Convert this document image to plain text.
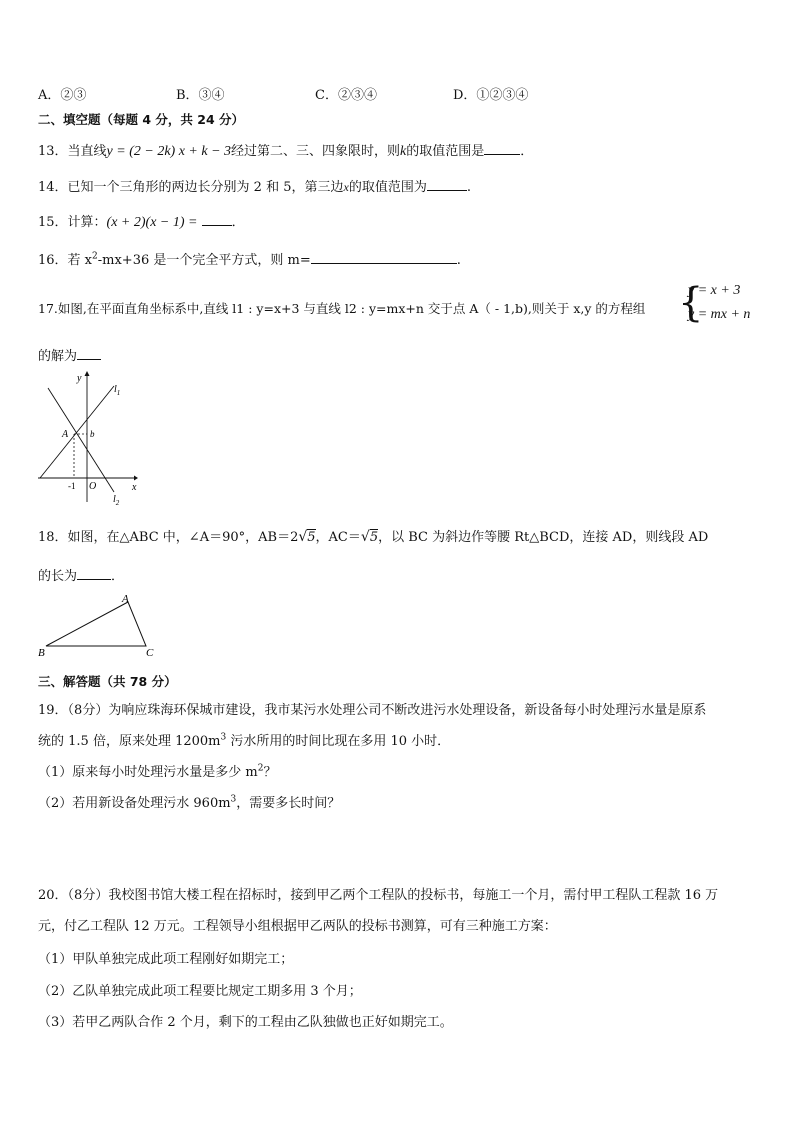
A．②③	B．③④	C．②③④	D．①②③④
二、填空题（每题 4 分，共 24 分）
13．当直线y = (2 − 2k) x + k − 3经过第二、三、四象限时，则k的取值范围是	．
14．已知一个三角形的两边长分别为 2 和 5，第三边x的取值范围为	.
15．计算：(x + 2)(x − 1) =	．
16．若 $x^2-mx+36$ 是一个完全平方式，则 m=	.
17.如图,在平面直角坐标系中,直线 l1 : y=x+3 与直线 l2 : y=mx+n 交于点 A（ - 1,b),则关于 x,y 的方程组 {
y = x + 3
y = mx + n
的解为
y
x
$l_1$
$l_2$
A b
-1 O
18．如图，在△ABC 中，∠A＝90°，AB＝2√5，AC＝√5，以 BC 为斜边作等腰 Rt△BCD，连接 AD，则线段 AD
的长为	．
A
B	C
三、解答题（共 78 分）
19．（8分）为响应珠海环保城市建设，我市某污水处理公司不断改进污水处理设备，新设备每小时处理污水量是原系
统的 1.5 倍，原来处理 $1200m^3$ 污水所用的时间比现在多用 10 小时．
（1）原来每小时处理污水量是多少 $m^2$？
（2）若用新设备处理污水 $960m^3$，需要多长时间？
20．（8分）我校图书馆大楼工程在招标时，接到甲乙两个工程队的投标书，每施工一个月，需付甲工程队工程款 16 万
元，付乙工程队 12 万元。工程领导小组根据甲乙两队的投标书测算，可有三种施工方案：
（1）甲队单独完成此项工程刚好如期完工；
（2）乙队单独完成此项工程要比规定工期多用 3 个月；
（3）若甲乙两队合作 2 个月，剩下的工程由乙队独做也正好如期完工。
